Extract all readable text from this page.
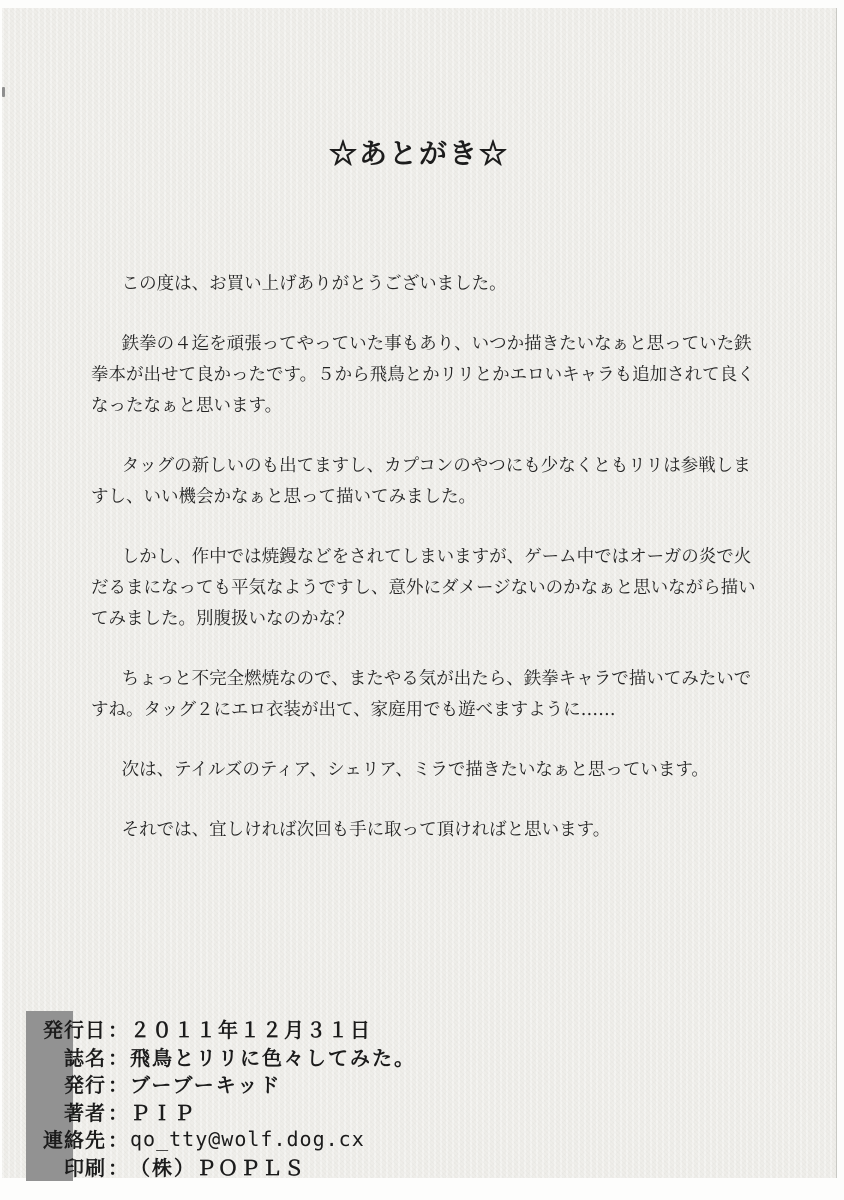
☆あとがき☆

この度は、お買い上げありがとうございました。

鉄拳の４迄を頑張ってやっていた事もあり、いつか描きたいなぁと思っていた鉄拳本が出せて良かったです。５から飛鳥とかリリとかエロいキャラも追加されて良くなったなぁと思います。

タッグの新しいのも出てますし、カプコンのやつにも少なくともリリは参戦しますし、いい機会かなぁと思って描いてみました。

しかし、作中では焼鏝などをされてしまいますが、ゲーム中ではオーガの炎で火だるまになっても平気なようですし、意外にダメージないのかなぁと思いながら描いてみました。別腹扱いなのかな？

ちょっと不完全燃焼なので、またやる気が出たら、鉄拳キャラで描いてみたいですね。タッグ２にエロ衣装が出て、家庭用でも遊べますように……

次は、テイルズのティア、シェリア、ミラで描きたいなぁと思っています。

それでは、宜しければ次回も手に取って頂ければと思います。

発行日 ： ２０１１年１２月３１日
誌名 ： 飛鳥とリリに色々してみた。
発行 ： ブーブーキッド
著者 ： ＰＩＰ
連絡先 ： qo_tty@wolf.dog.cx
印刷 ： （株）ＰＯＰＬＳ
